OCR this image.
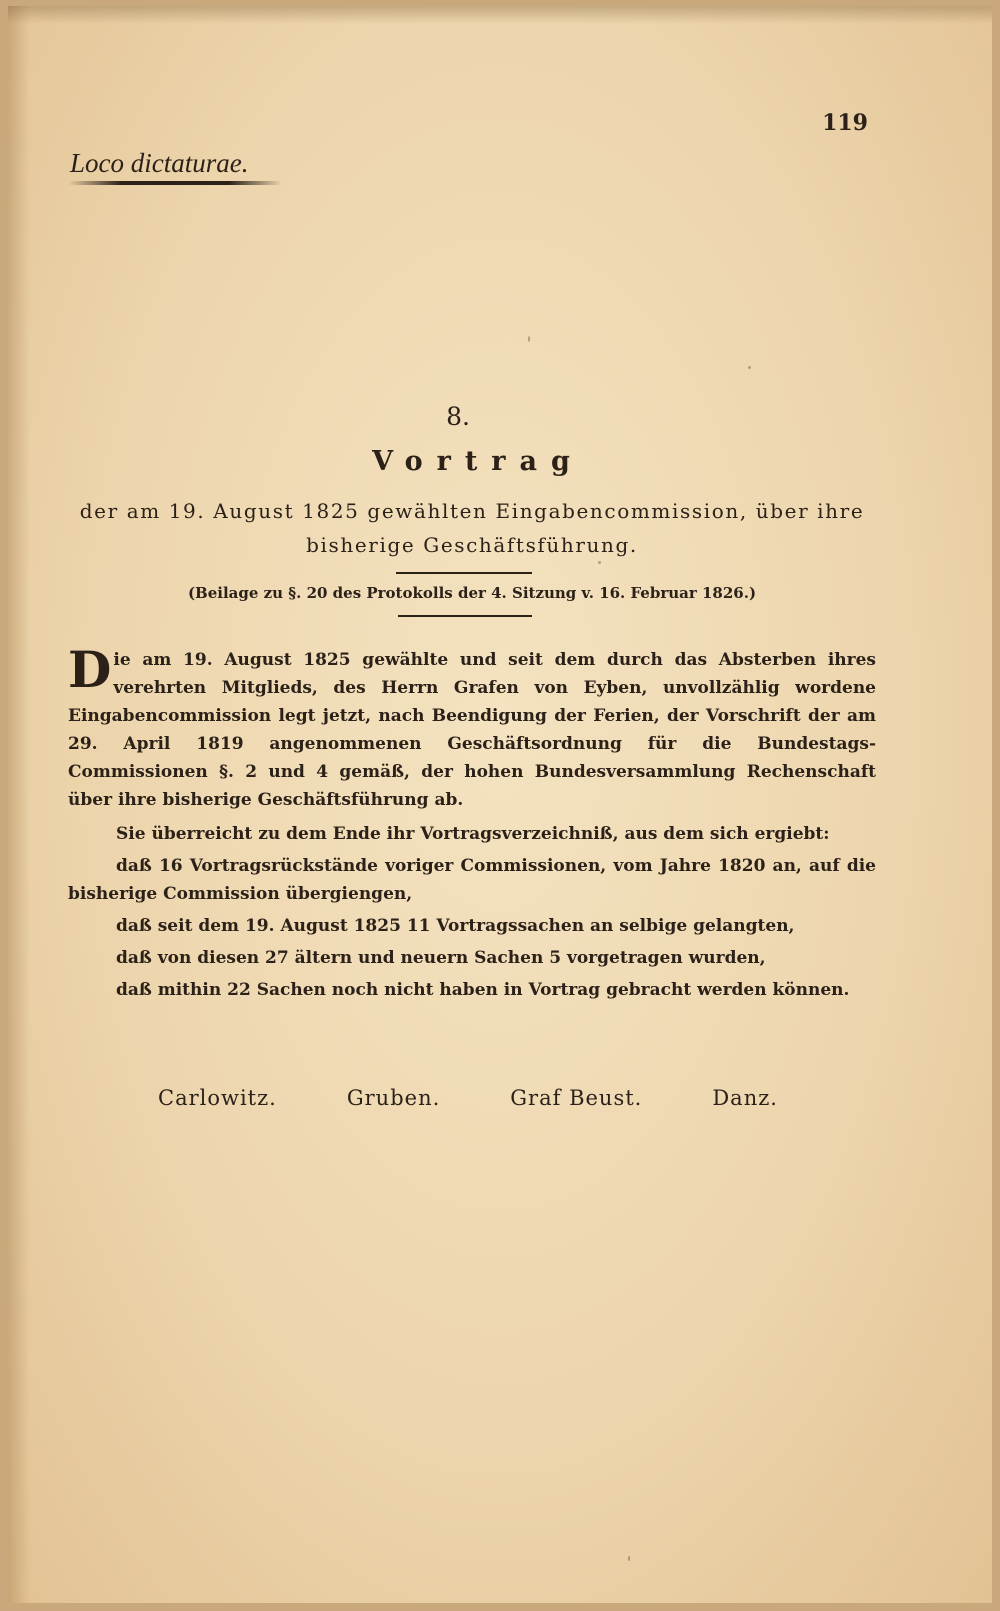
119
Loco dictaturae.
8.
Vortrag
der am 19. August 1825 gewählten Eingabencommission, über ihre bisherige Geschäftsführung.
(Beilage zu §. 20 des Protokolls der 4. Sitzung v. 16. Februar 1826.)

Die am 19. August 1825 gewählte und seit dem durch das Absterben ihres verehrten Mitglieds, des Herrn Grafen von Eyben, unvollzählig wordene Eingabencommission legt jetzt, nach Beendigung der Ferien, der Vorschrift der am 29. April 1819 angenommenen Geschäftsordnung für die Bundestags-Commissionen §. 2 und 4 gemäß, der hohen Bundesversammlung Rechenschaft über ihre bisherige Geschäftsführung ab.

Sie überreicht zu dem Ende ihr Vortragsverzeichniß, aus dem sich ergiebt:

daß 16 Vortragsrückstände voriger Commissionen, vom Jahre 1820 an, auf die bisherige Commission übergiengen,

daß seit dem 19. August 1825 11 Vortragssachen an selbige gelangten,

daß von diesen 27 ältern und neuern Sachen 5 vorgetragen wurden,

daß mithin 22 Sachen noch nicht haben in Vortrag gebracht werden können.

Carlowitz.	Gruben.	Graf Beust.	Danz.
